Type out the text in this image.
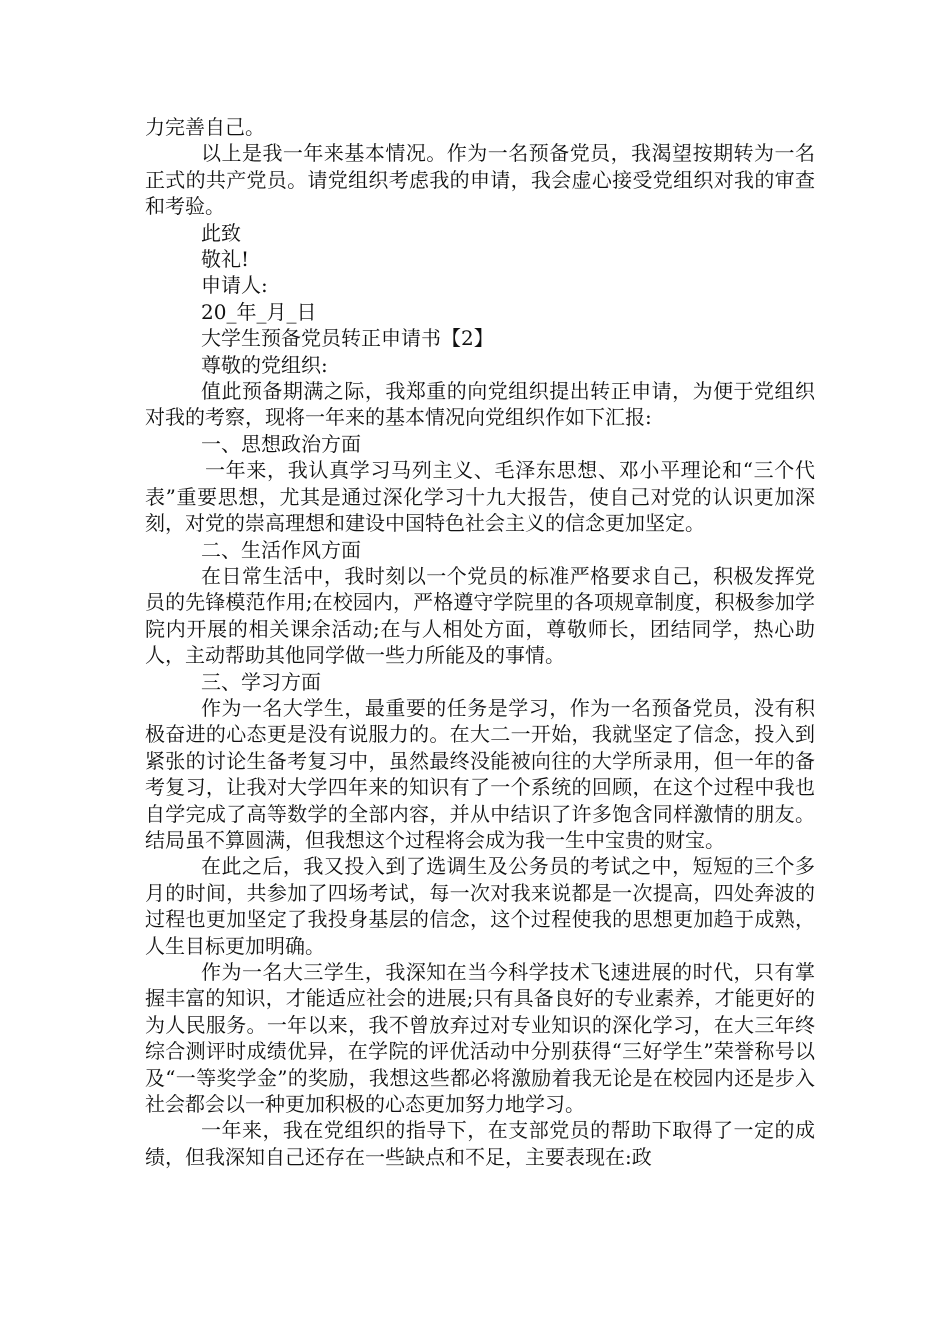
力完善自己。

以上是我一年来基本情况。作为一名预备党员，我渴望按期转为一名正式的共产党员。请党组织考虑我的申请，我会虚心接受党组织对我的审查和考验。

此致

敬礼!

申请人:

20_年_月_日

大学生预备党员转正申请书【2】

尊敬的党组织:

值此预备期满之际，我郑重的向党组织提出转正申请，为便于党组织对我的考察，现将一年来的基本情况向党组织作如下汇报:

一、思想政治方面

一年来，我认真学习马列主义、毛泽东思想、邓小平理论和“三个代表”重要思想，尤其是通过深化学习十九大报告，使自己对党的认识更加深刻，对党的崇高理想和建设中国特色社会主义的信念更加坚定。

二、生活作风方面

在日常生活中，我时刻以一个党员的标准严格要求自己，积极发挥党员的先锋模范作用;在校园内，严格遵守学院里的各项规章制度，积极参加学院内开展的相关课余活动;在与人相处方面，尊敬师长，团结同学，热心助人，主动帮助其他同学做一些力所能及的事情。

三、学习方面

作为一名大学生，最重要的任务是学习，作为一名预备党员，没有积极奋进的心态更是没有说服力的。在大二一开始，我就坚定了信念，投入到紧张的讨论生备考复习中，虽然最终没能被向往的大学所录用，但一年的备考复习，让我对大学四年来的知识有了一个系统的回顾，在这个过程中我也自学完成了高等数学的全部内容，并从中结识了许多饱含同样激情的朋友。结局虽不算圆满，但我想这个过程将会成为我一生中宝贵的财宝。

在此之后，我又投入到了选调生及公务员的考试之中，短短的三个多月的时间，共参加了四场考试，每一次对我来说都是一次提高，四处奔波的过程也更加坚定了我投身基层的信念，这个过程使我的思想更加趋于成熟，人生目标更加明确。

作为一名大三学生，我深知在当今科学技术飞速进展的时代，只有掌握丰富的知识，才能适应社会的进展;只有具备良好的专业素养，才能更好的为人民服务。一年以来，我不曾放弃过对专业知识的深化学习，在大三年终综合测评时成绩优异，在学院的评优活动中分别获得“三好学生”荣誉称号以及“一等奖学金”的奖励，我想这些都必将激励着我无论是在校园内还是步入社会都会以一种更加积极的心态更加努力地学习。

一年来，我在党组织的指导下，在支部党员的帮助下取得了一定的成绩，但我深知自己还存在一些缺点和不足，主要表现在:政
